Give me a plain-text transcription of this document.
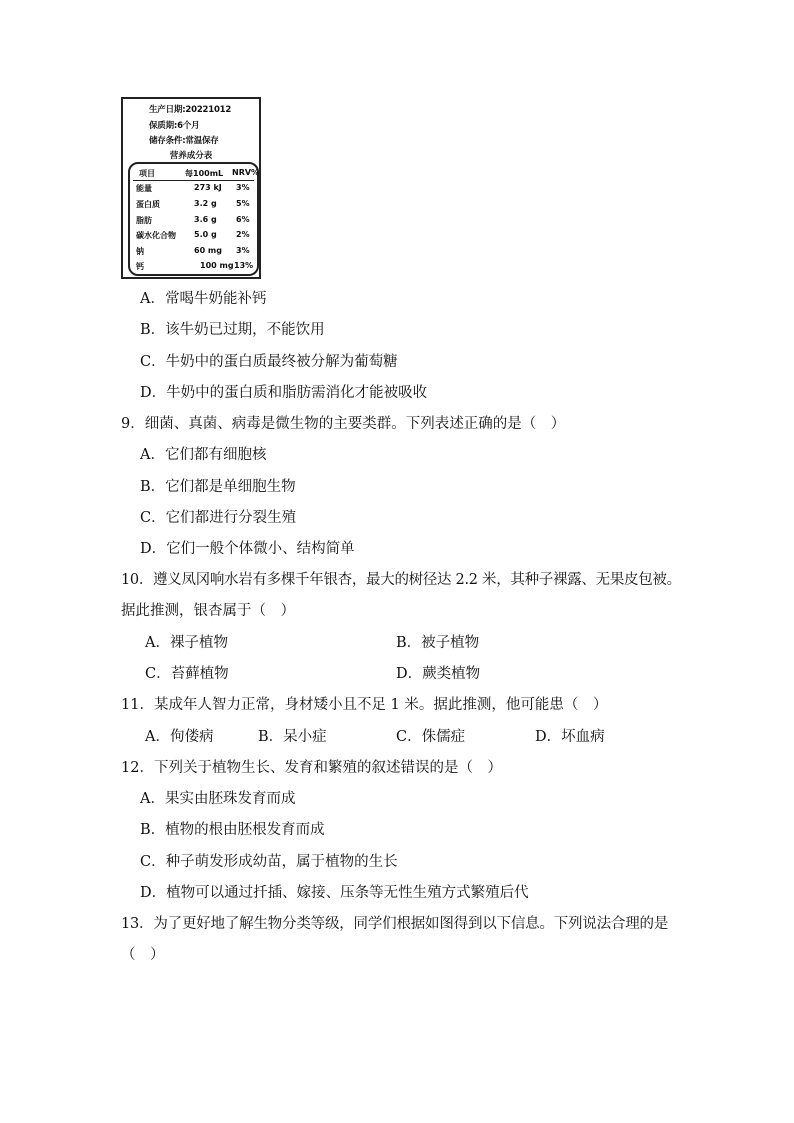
生产日期:20221012
保质期:6个月
储存条件:常温保存
营养成分表
项目	每100mL NRV%
能量	273 kJ 3%
蛋白质	3.2 g 5%
脂肪	3.6 g 6%
碳水化合物 5.0 g 2%
钠	60 mg 3%
钙	100 mg 13%
A．常喝牛奶能补钙
B．该牛奶已过期，不能饮用
C．牛奶中的蛋白质最终被分解为葡萄糖
D．牛奶中的蛋白质和脂肪需消化才能被吸收
9．细菌、真菌、病毒是微生物的主要类群。下列表述正确的是（　）
A．它们都有细胞核
B．它们都是单细胞生物
C．它们都进行分裂生殖
D．它们一般个体微小、结构简单
10．遵义凤冈响水岩有多棵千年银杏，最大的树径达 2.2 米，其种子裸露、无果皮包被。
据此推测，银杏属于（　）
A．裸子植物	B．被子植物
C．苔藓植物	D．蕨类植物
11．某成年人智力正常，身材矮小且不足 1 米。据此推测，他可能患（　）
A．佝偻病	B．呆小症	C．侏儒症	D．坏血病
12．下列关于植物生长、发育和繁殖的叙述错误的是（　）
A．果实由胚珠发育而成
B．植物的根由胚根发育而成
C．种子萌发形成幼苗，属于植物的生长
D．植物可以通过扦插、嫁接、压条等无性生殖方式繁殖后代
13．为了更好地了解生物分类等级，同学们根据如图得到以下信息。下列说法合理的是
（　）
